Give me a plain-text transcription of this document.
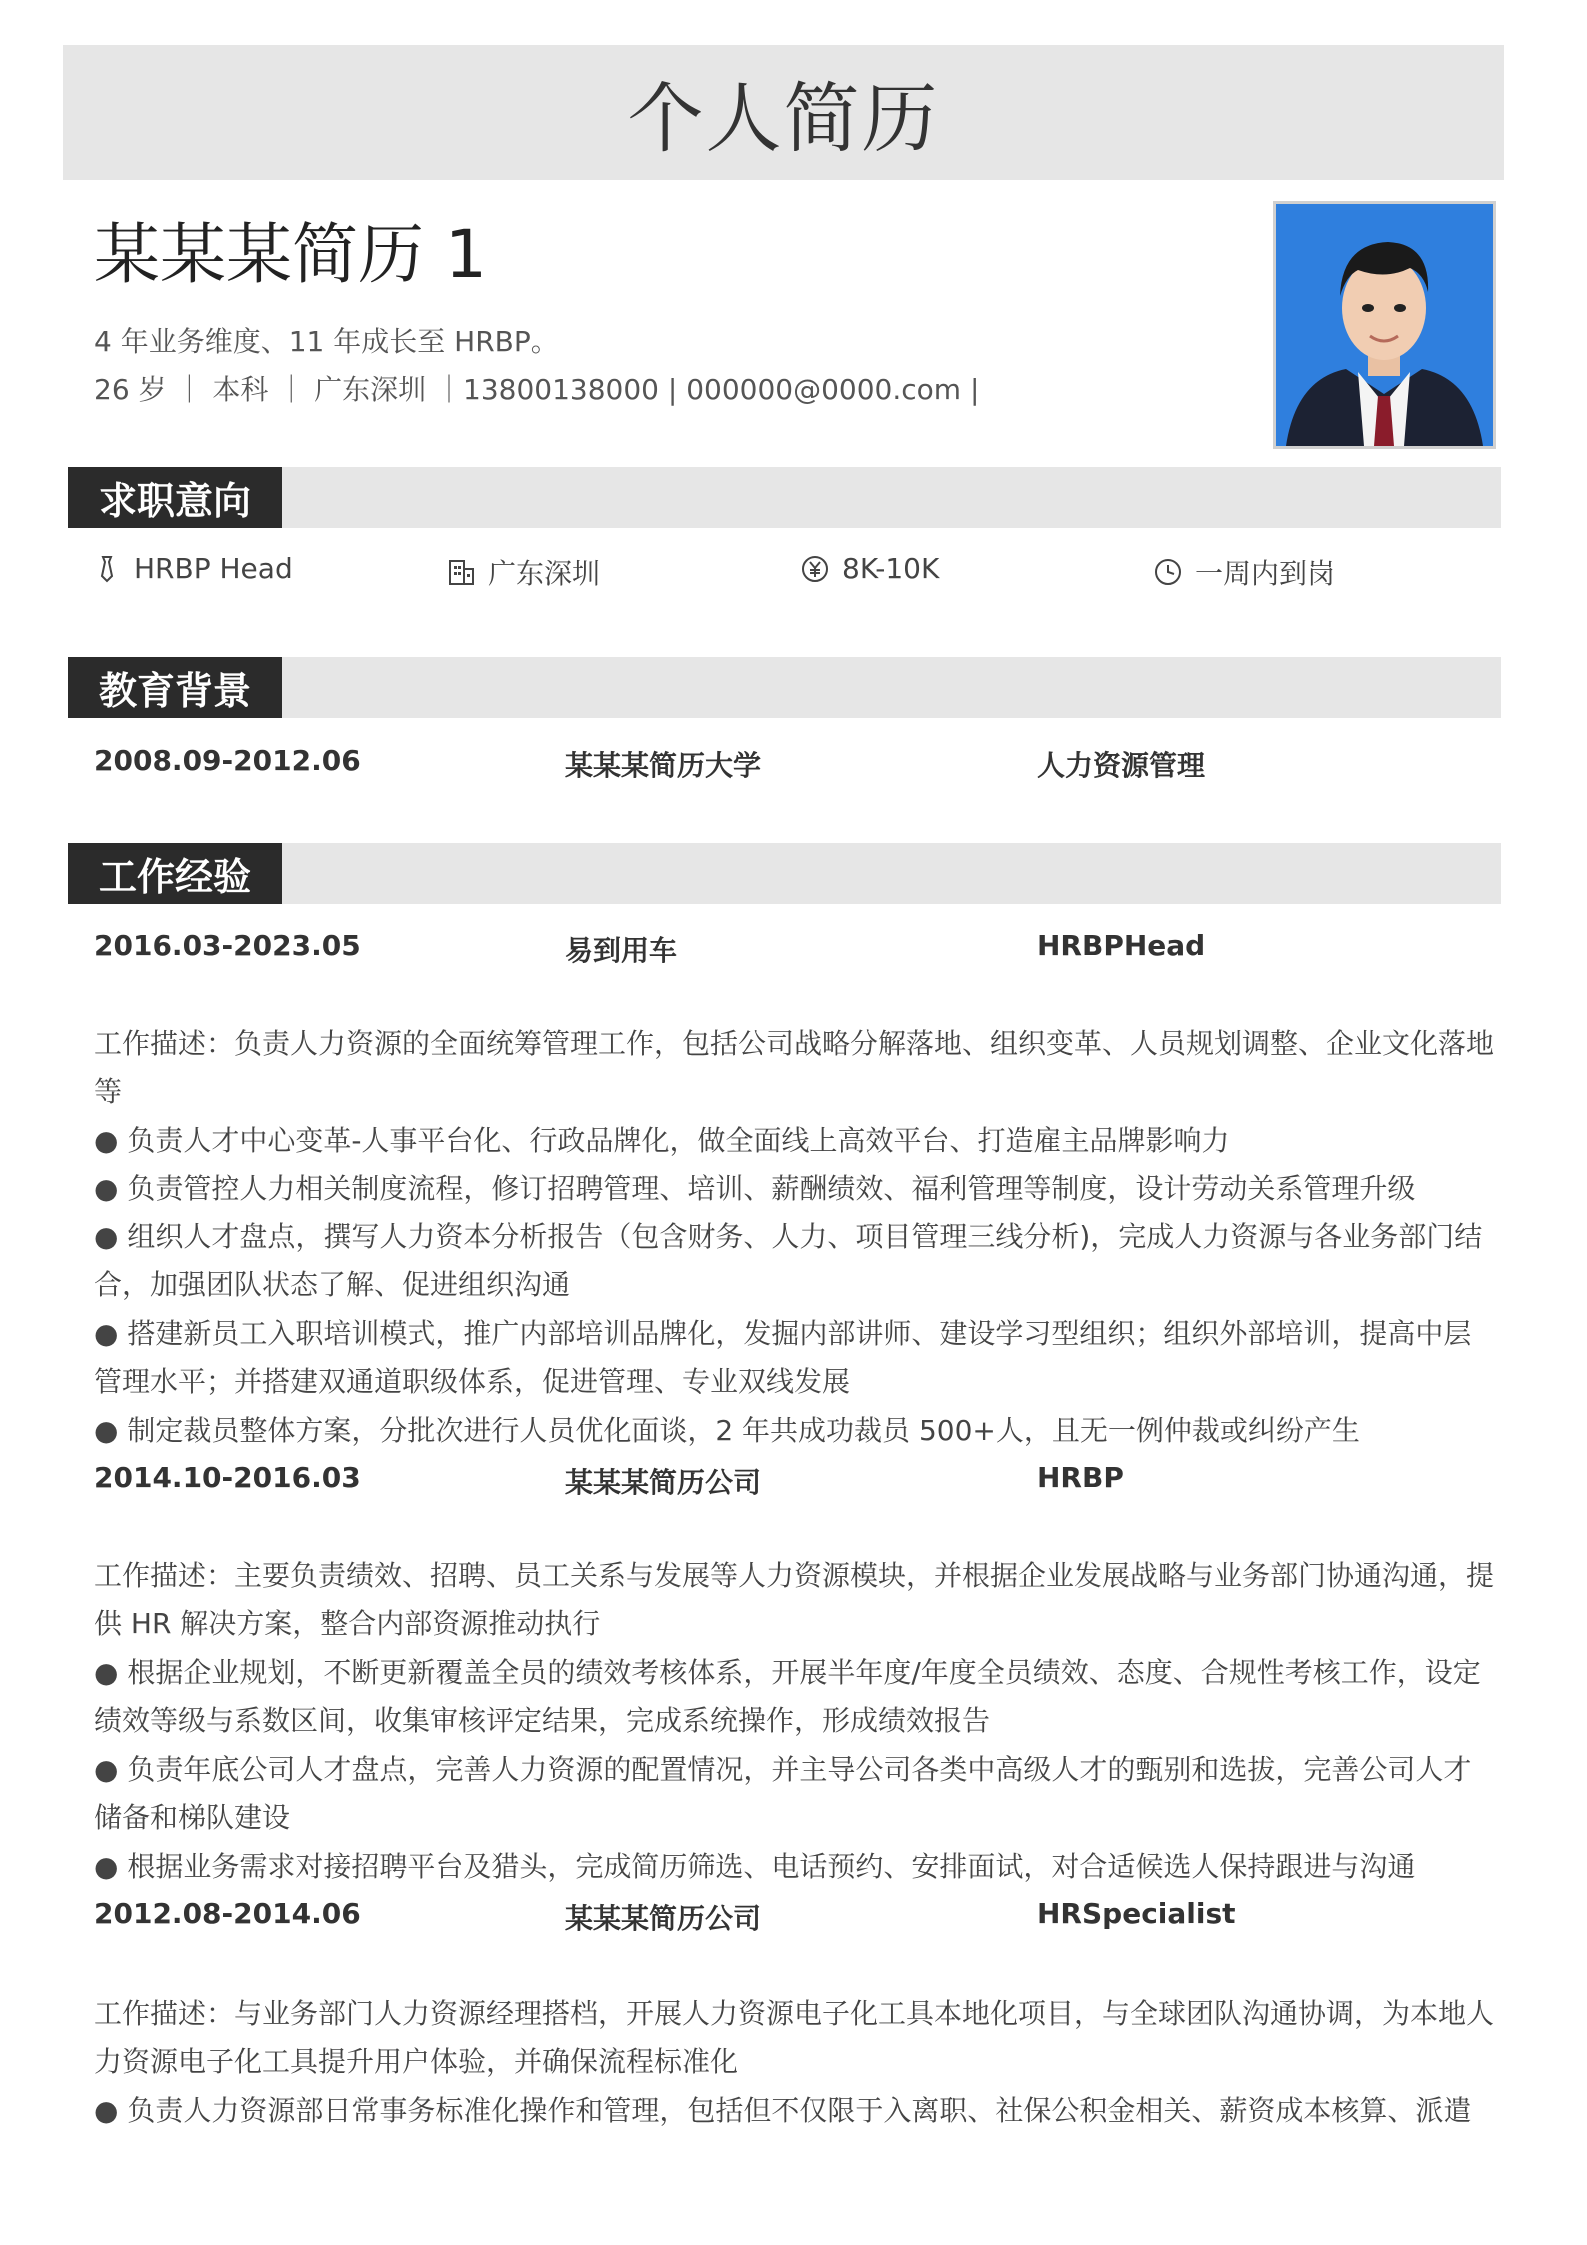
个人简历
某某某简历 1
4 年业务维度、11 年成长至 HRBP。
26 岁 ｜ 本科 ｜ 广东深圳 ｜13800138000 | 000000@0000.com |
求职意向
HRBP Head	广东深圳	8K-10K	一周内到岗
教育背景
2008.09-2012.06	某某某简历大学	人力资源管理
工作经验
2016.03-2023.05	易到用车	HRBPHead
工作描述：负责人力资源的全面统筹管理工作，包括公司战略分解落地、组织变革、人员规划调整、企业文化落地等
● 负责人才中心变革-人事平台化、行政品牌化，做全面线上高效平台、打造雇主品牌影响力
● 负责管控人力相关制度流程，修订招聘管理、培训、薪酬绩效、福利管理等制度，设计劳动关系管理升级
● 组织人才盘点，撰写人力资本分析报告（包含财务、人力、项目管理三线分析)，完成人力资源与各业务部门结合，加强团队状态了解、促进组织沟通
● 搭建新员工入职培训模式，推广内部培训品牌化，发掘内部讲师、建设学习型组织；组织外部培训，提高中层管理水平；并搭建双通道职级体系，促进管理、专业双线发展
● 制定裁员整体方案，分批次进行人员优化面谈，2 年共成功裁员 500+人，且无一例仲裁或纠纷产生
2014.10-2016.03	某某某简历公司	HRBP
工作描述：主要负责绩效、招聘、员工关系与发展等人力资源模块，并根据企业发展战略与业务部门协通沟通，提供 HR 解决方案，整合内部资源推动执行
● 根据企业规划，不断更新覆盖全员的绩效考核体系，开展半年度/年度全员绩效、态度、合规性考核工作，设定绩效等级与系数区间，收集审核评定结果，完成系统操作，形成绩效报告
● 负责年底公司人才盘点，完善人力资源的配置情况，并主导公司各类中高级人才的甄别和选拔，完善公司人才储备和梯队建设
● 根据业务需求对接招聘平台及猎头，完成简历筛选、电话预约、安排面试，对合适候选人保持跟进与沟通
2012.08-2014.06	某某某简历公司	HRSpecialist
工作描述：与业务部门人力资源经理搭档，开展人力资源电子化工具本地化项目，与全球团队沟通协调，为本地人力资源电子化工具提升用户体验，并确保流程标准化
● 负责人力资源部日常事务标准化操作和管理，包括但不仅限于入离职、社保公积金相关、薪资成本核算、派遣
